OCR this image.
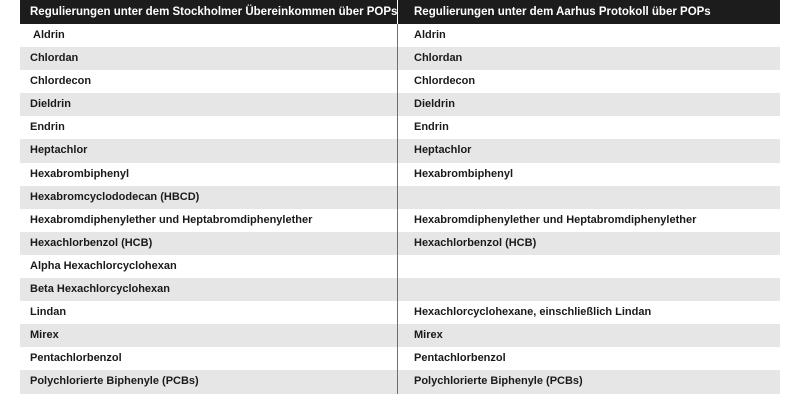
Regulierungen unter dem Stockholmer Übereinkommen über POPs	Regulierungen unter dem Aarhus Protokoll über POPs
Aldrin	Aldrin
Chlordan	Chlordan
Chlordecon	Chlordecon
Dieldrin	Dieldrin
Endrin	Endrin
Heptachlor	Heptachlor
Hexabrombiphenyl	Hexabrombiphenyl
Hexabromcyclododecan (HBCD)
Hexabromdiphenylether und Heptabromdiphenylether	Hexabromdiphenylether und Heptabromdiphenylether
Hexachlorbenzol (HCB)	Hexachlorbenzol (HCB)
Alpha Hexachlorcyclohexan
Beta Hexachlorcyclohexan
Lindan	Hexachlorcyclohexane, einschließlich Lindan
Mirex	Mirex
Pentachlorbenzol	Pentachlorbenzol
Polychlorierte Biphenyle (PCBs)	Polychlorierte Biphenyle (PCBs)
